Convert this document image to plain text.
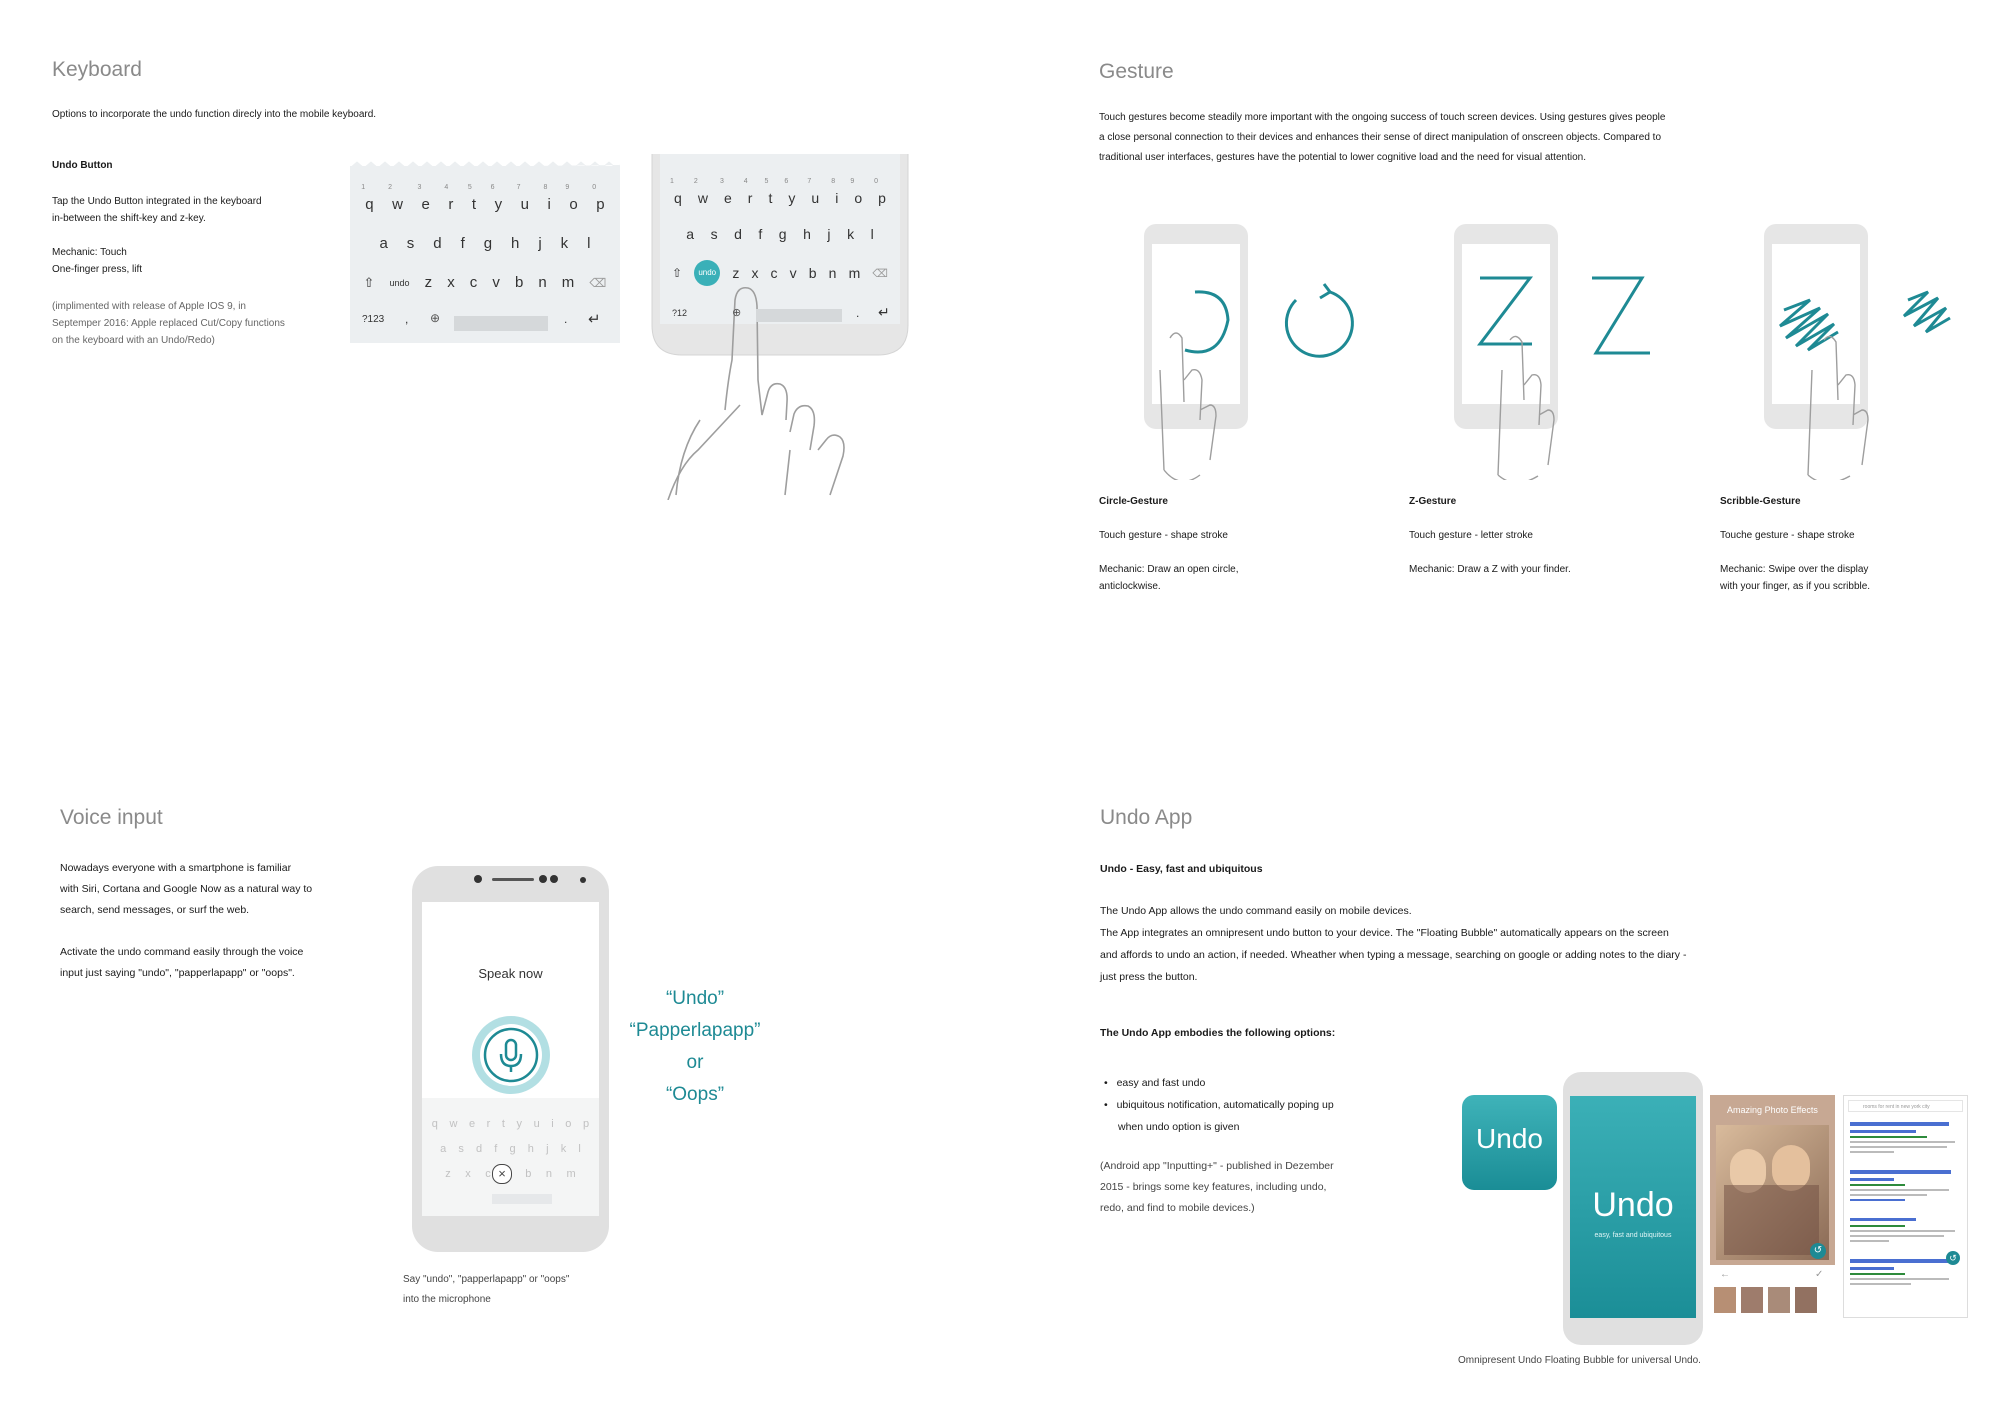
Keyboard
Options to incorporate the undo function direcly into the mobile keyboard.
Undo Button
Tap the Undo Button integrated in the keyboard
in-between the shift-key and z-key.
Mechanic: Touch
One-finger press, lift
(implimented with release of Apple IOS 9, in
Septemper 2016: Apple replaced Cut/Copy functions
on the keyboard with an Undo/Redo)
1
q
2
w
3
e
4
r
5
t
6
y
7
u
8
i
9
o
0
p
a s d f g h j k l
⇧ undo z x c v b n m ⌫
?123 , ⊕	. ↵
1
q
2
w
3
e
4
r
5
t
6
y
7
u
8
i
9
o
0
p
a s d f g h j k l
⇧	undo z x c v b n m ⌫
?12	⊕	. ↵
Gesture
Touch gestures become steadily more important with the ongoing success of touch screen devices. Using gestures gives people
a close personal connection to their devices and enhances their sense of direct manipulation of onscreen objects. Compared to
traditional user interfaces, gestures have the potential to lower cognitive load and the need for visual attention.
Circle-Gesture
Touch gesture - shape stroke
Mechanic: Draw an open circle,
anticlockwise.
Z-Gesture
Touch gesture - letter stroke
Mechanic: Draw a Z with your finder.
Scribble-Gesture
Touche gesture - shape stroke
Mechanic: Swipe over the display
with your finger, as if you scribble.
Voice input
Nowadays everyone with a smartphone is familiar
with Siri, Cortana and Google Now as a natural way to
search, send messages, or surf the web.
Activate the undo command easily through the voice
input just saying "undo", "papperlapapp" or "oops".	Speak now
q w e r t y u i o p
a s d f g h j k l
z x c	b n m
×
“Undo”
“Papperlapapp”
or
“Oops”
Say "undo", "papperlapapp" or "oops"
into the microphone
Undo App
Undo - Easy, fast and ubiquitous
The Undo App allows the undo command easily on mobile devices.
The App integrates an omnipresent undo button to your device. The "Floating Bubble" automatically appears on the screen
and affords to undo an action, if needed. Wheather when typing a message, searching on google or adding notes to the diary -
just press the button.
The Undo App embodies the following options:
• easy and fast undo
• ubiquitous notification, automatically poping up
when undo option is given
(Android app "Inputting+" - published in Dezember
2015 - brings some key features, including undo,
redo, and find to mobile devices.)
Undo
Undo
easy, fast and ubiquitous
Amazing Photo Effects
↺
←	✓
rooms for rent in new york city
↺
Omnipresent Undo Floating Bubble for universal Undo.
